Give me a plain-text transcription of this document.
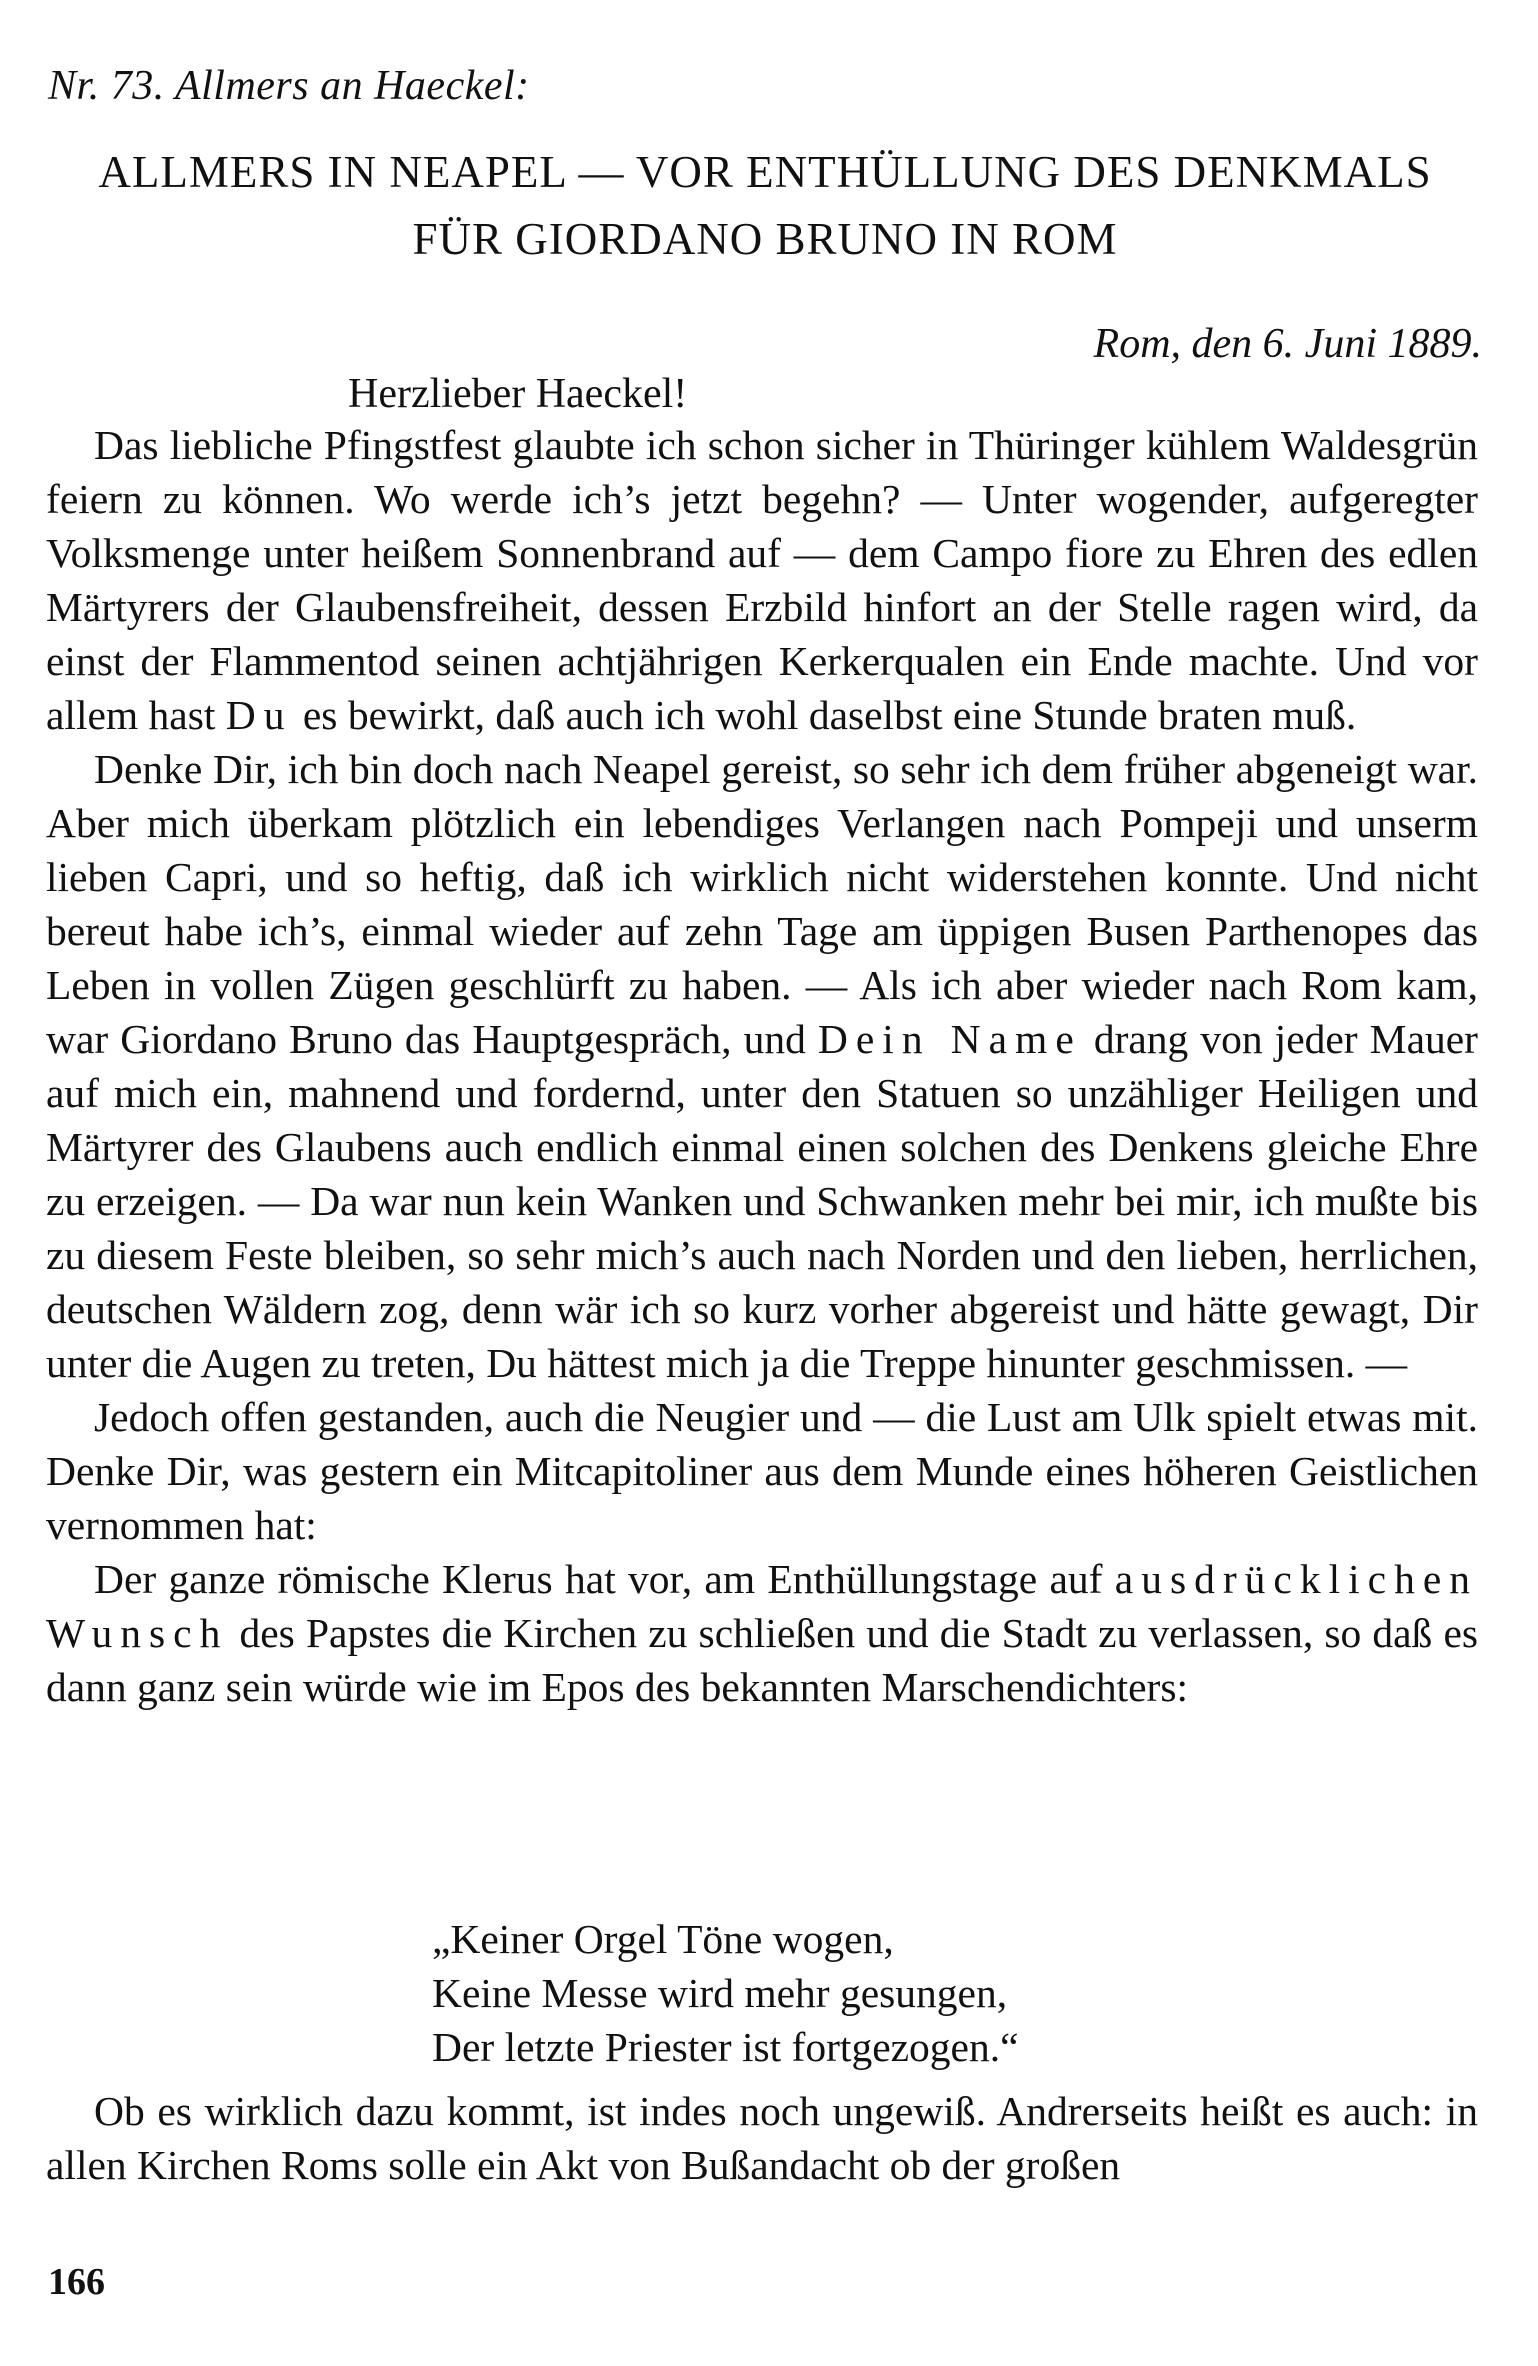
Nr. 73. Allmers an Haeckel:
ALLMERS IN NEAPEL — VOR ENTHÜLLUNG DES DENKMALS
FÜR GIORDANO BRUNO IN ROM
Rom, den 6. Juni 1889.
Herzlieber Haeckel!

Das liebliche Pfingstfest glaubte ich schon sicher in Thüringer kühlem Waldesgrün feiern zu können. Wo werde ich’s jetzt begehn? — Unter wogender, aufgeregter Volksmenge unter heißem Sonnenbrand auf — dem Campo fiore zu Ehren des edlen Märtyrers der Glaubensfreiheit, dessen Erzbild hinfort an der Stelle ragen wird, da einst der Flammentod seinen achtjährigen Kerkerqualen ein Ende machte. Und vor allem hast Du es bewirkt, daß auch ich wohl daselbst eine Stunde braten muß.

Denke Dir, ich bin doch nach Neapel gereist, so sehr ich dem früher abgeneigt war. Aber mich überkam plötzlich ein lebendiges Verlangen nach Pompeji und unserm lieben Capri, und so heftig, daß ich wirklich nicht widerstehen konnte. Und nicht bereut habe ich’s, einmal wieder auf zehn Tage am üppigen Busen Parthenopes das Leben in vollen Zügen geschlürft zu haben. — Als ich aber wieder nach Rom kam, war Giordano Bruno das Hauptgespräch, und Dein Name drang von jeder Mauer auf mich ein, mahnend und fordernd, unter den Statuen so unzähliger Heiligen und Märtyrer des Glaubens auch endlich einmal einen solchen des Denkens gleiche Ehre zu erzeigen. — Da war nun kein Wanken und Schwanken mehr bei mir, ich mußte bis zu diesem Feste bleiben, so sehr mich’s auch nach Norden und den lieben, herrlichen, deutschen Wäldern zog, denn wär ich so kurz vorher abgereist und hätte gewagt, Dir unter die Augen zu treten, Du hättest mich ja die Treppe hinunter geschmissen. —

Jedoch offen gestanden, auch die Neugier und — die Lust am Ulk spielt etwas mit. Denke Dir, was gestern ein Mitcapitoliner aus dem Munde eines höheren Geistlichen vernommen hat:

Der ganze römische Klerus hat vor, am Enthüllungstage auf ausdrücklichen Wunsch des Papstes die Kirchen zu schließen und die Stadt zu verlassen, so daß es dann ganz sein würde wie im Epos des bekannten Marschendichters:

„Keiner Orgel Töne wogen,
Keine Messe wird mehr gesungen,
Der letzte Priester ist fortgezogen.“

Ob es wirklich dazu kommt, ist indes noch ungewiß. Andrerseits heißt es auch: in allen Kirchen Roms solle ein Akt von Bußandacht ob der großen

166
